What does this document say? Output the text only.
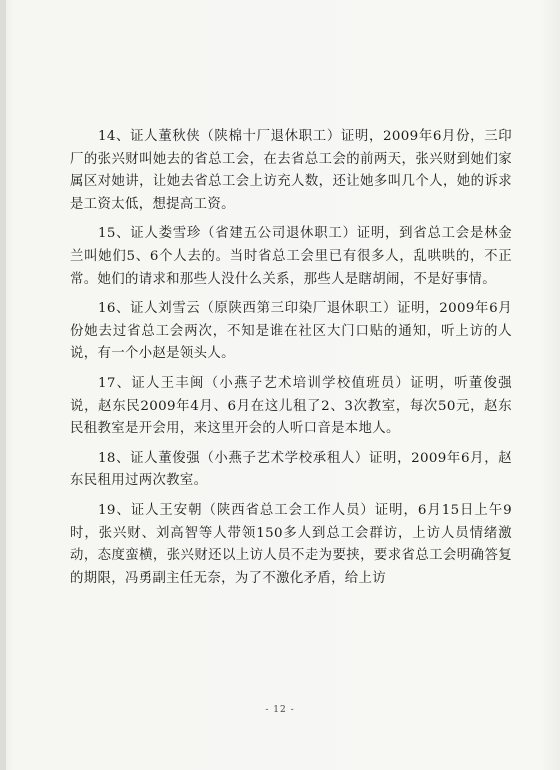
14、证人董秋侠（陕棉十厂退休职工）证明，2009年6月份，三印厂的张兴财叫她去的省总工会，在去省总工会的前两天，张兴财到她们家属区对她讲，让她去省总工会上访充人数，还让她多叫几个人，她的诉求是工资太低，想提高工资。

15、证人娄雪珍（省建五公司退休职工）证明，到省总工会是林金兰叫她们5、6个人去的。当时省总工会里已有很多人，乱哄哄的，不正常。她们的请求和那些人没什么关系，那些人是瞎胡闹，不是好事情。

16、证人刘雪云（原陕西第三印染厂退休职工）证明，2009年6月份她去过省总工会两次，不知是谁在社区大门口贴的通知，听上访的人说，有一个小赵是领头人。

17、证人王丰闽（小燕子艺术培训学校值班员）证明，听董俊强说，赵东民2009年4月、6月在这儿租了2、3次教室，每次50元，赵东民租教室是开会用，来这里开会的人听口音是本地人。

18、证人董俊强（小燕子艺术学校承租人）证明，2009年6月，赵东民租用过两次教室。

19、证人王安朝（陕西省总工会工作人员）证明，6月15日上午9时，张兴财、刘高智等人带领150多人到总工会群访，上访人员情绪激动，态度蛮横，张兴财还以上访人员不走为要挟，要求省总工会明确答复的期限，冯勇副主任无奈，为了不激化矛盾，给上访

- 12 -
